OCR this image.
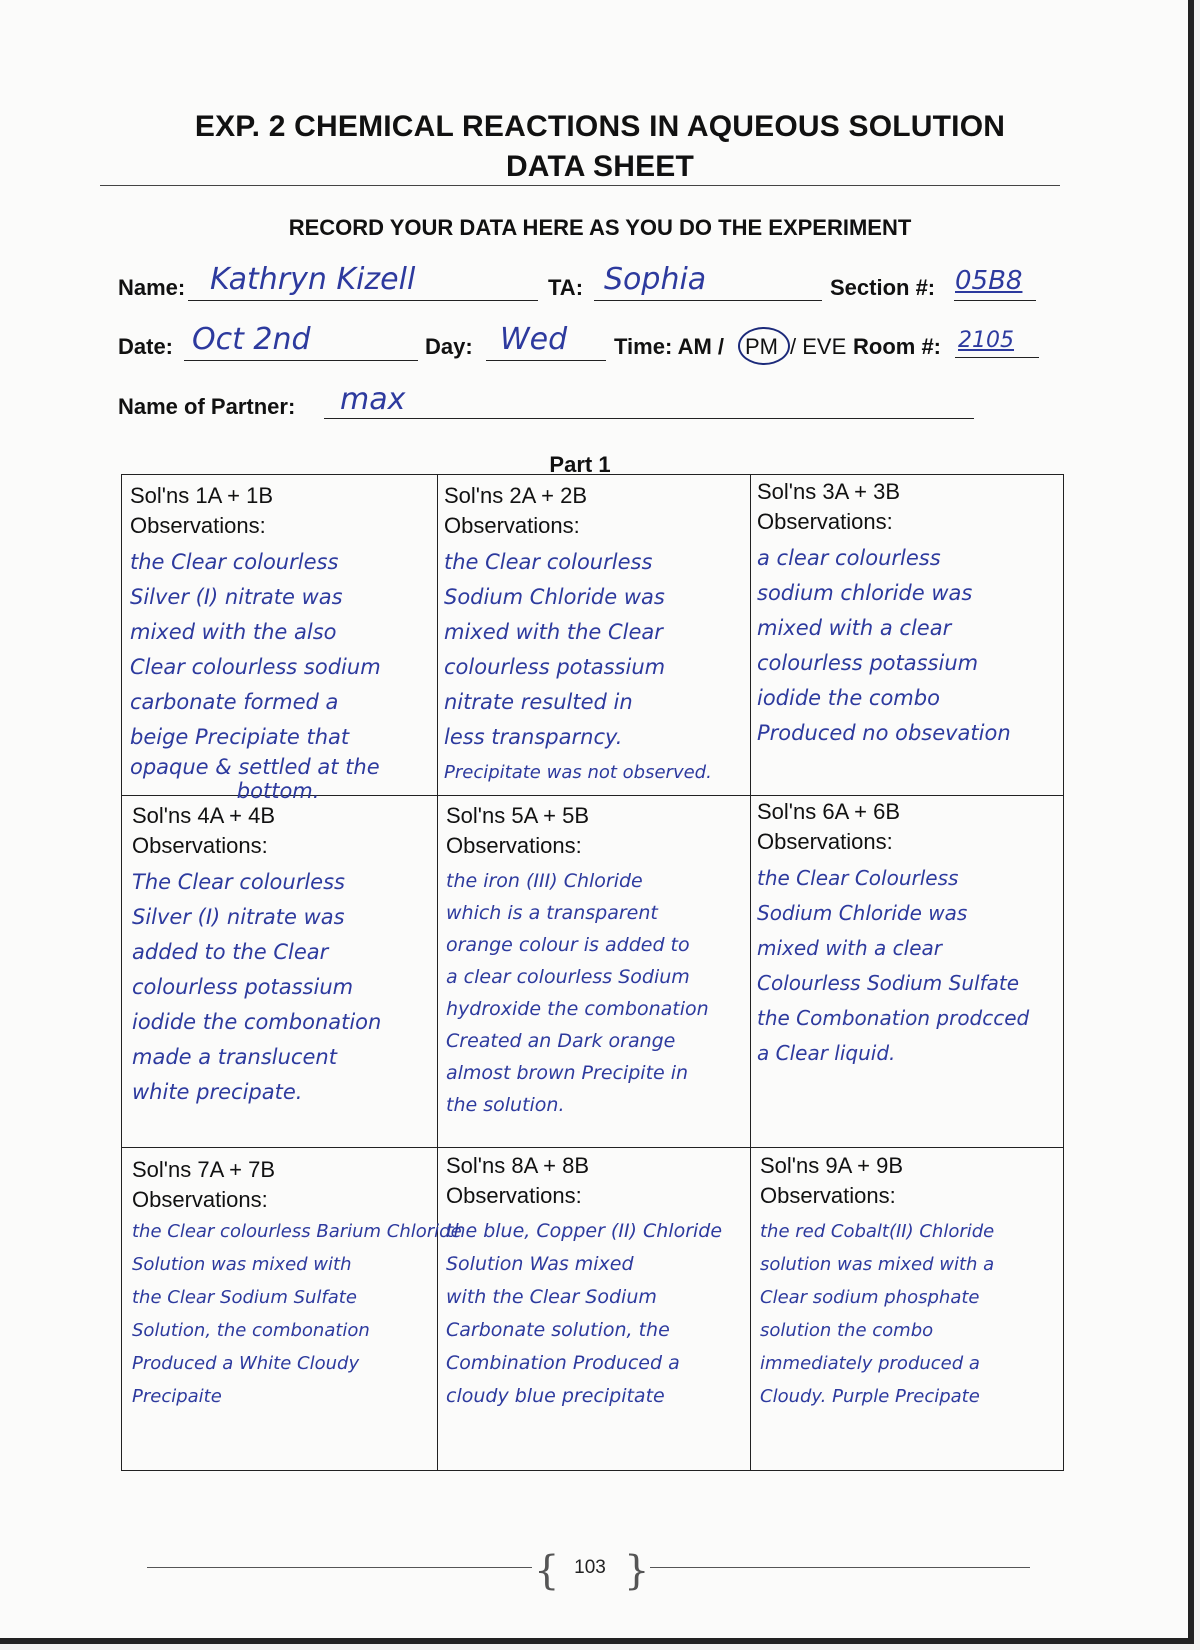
EXP. 2 CHEMICAL REACTIONS IN AQUEOUS SOLUTION
DATA SHEET
RECORD YOUR DATA HERE AS YOU DO THE EXPERIMENT
Name: Kathryn Kizell	TA: Sophia	Section #: 05B8
Date: Oct 2nd	Day: Wed Time: AM / PM / EVE Room #: 2105
Name of Partner: max
Part 1
Sol'ns 1A + 1B
Observations:
the Clear colourless
Silver (I) nitrate was
mixed with the also
Clear colourless sodium
carbonate formed a
beige Precipiate that
opaque & settled at the
bottom.
Sol'ns 2A + 2B
Observations:
the Clear colourless
Sodium Chloride was
mixed with the Clear
colourless potassium
nitrate resulted in
less transparncy.
Precipitate was not observed.
Sol'ns 3A + 3B
Observations:
a clear colourless
sodium chloride was
mixed with a clear
colourless potassium
iodide the combo
Produced no obsevation
Sol'ns 4A + 4B
Observations:
The Clear colourless
Silver (I) nitrate was
added to the Clear
colourless potassium
iodide the combonation
made a translucent
white precipate.
Sol'ns 5A + 5B
Observations:
the iron (III) Chloride
which is a transparent
orange colour is added to
a clear colourless Sodium
hydroxide the combonation
Created an Dark orange
almost brown Precipite in
the solution.
Sol'ns 6A + 6B
Observations:
the Clear Colourless
Sodium Chloride was
mixed with a clear
Colourless Sodium Sulfate
the Combonation prodcced
a Clear liquid.
Sol'ns 7A + 7B
Observations:
the Clear colourless Barium Chloride
Solution was mixed with
the Clear Sodium Sulfate
Solution, the combonation
Produced a White Cloudy
Precipaite
Sol'ns 8A + 8B
Observations:
the blue, Copper (II) Chloride
Solution Was mixed
with the Clear Sodium
Carbonate solution, the
Combination Produced a
cloudy blue precipitate
Sol'ns 9A + 9B
Observations:
the red Cobalt(II) Chloride
solution was mixed with a
Clear sodium phosphate
solution the combo
immediately produced a
Cloudy. Purple Precipate
{ 103 }
